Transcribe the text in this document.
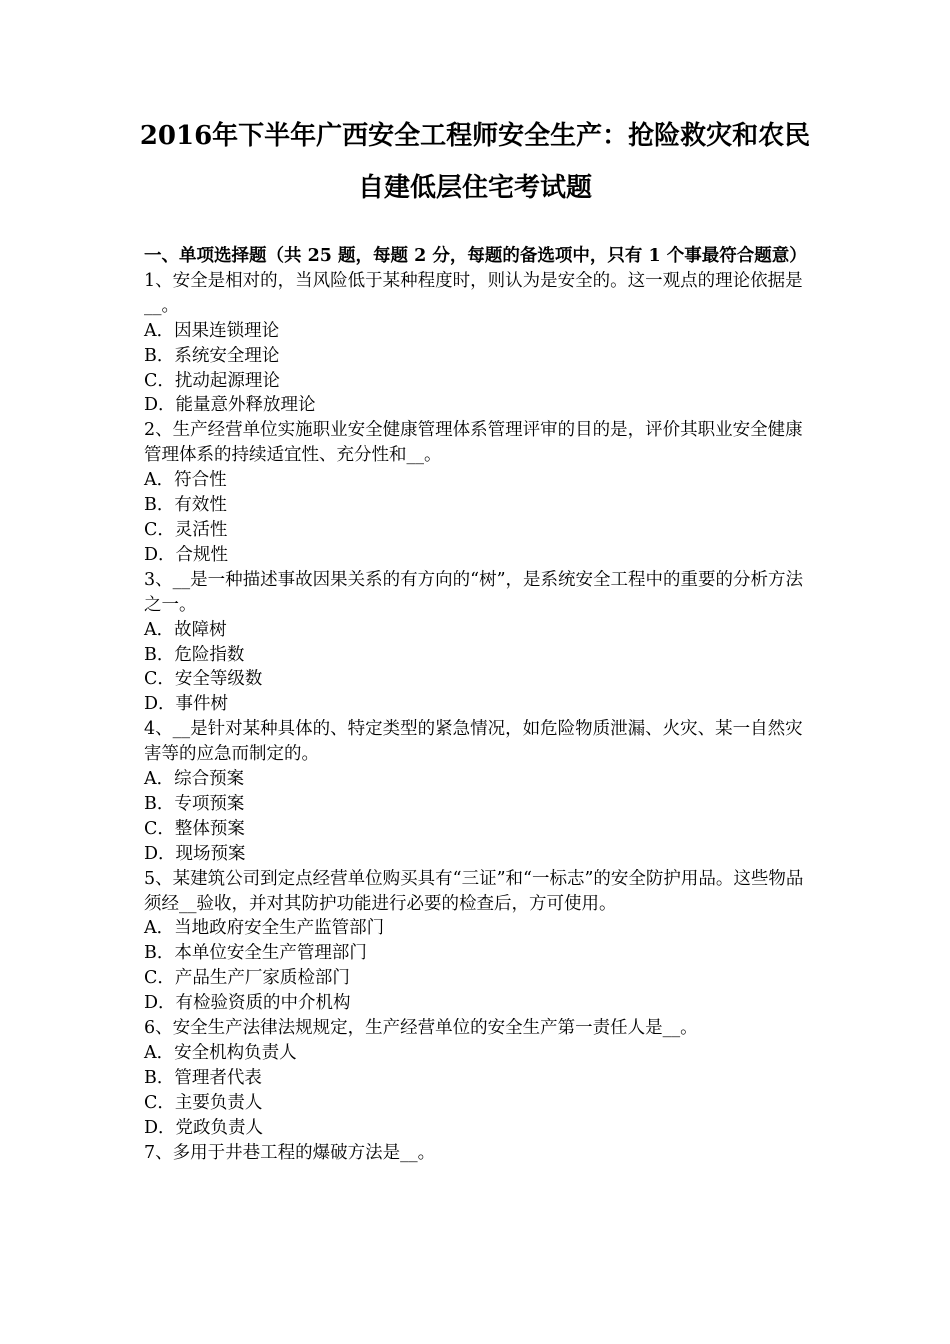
2016年下半年广西安全工程师安全生产：抢险救灾和农民
自建低层住宅考试题

一、单项选择题（共 25 题，每题 2 分，每题的备选项中，只有 1 个事最符合题意）

1、安全是相对的，当风险低于某种程度时，则认为是安全的。这一观点的理论依据是__。

A．因果连锁理论

B．系统安全理论

C．扰动起源理论

D．能量意外释放理论

2、生产经营单位实施职业安全健康管理体系管理评审的目的是，评价其职业安全健康管理体系的持续适宜性、充分性和__。

A．符合性

B．有效性

C．灵活性

D．合规性

3、__是一种描述事故因果关系的有方向的“树”，是系统安全工程中的重要的分析方法之一。

A．故障树

B．危险指数

C．安全等级数

D．事件树

4、__是针对某种具体的、特定类型的紧急情况，如危险物质泄漏、火灾、某一自然灾害等的应急而制定的。

A．综合预案

B．专项预案

C．整体预案

D．现场预案

5、某建筑公司到定点经营单位购买具有“三证”和“一标志”的安全防护用品。这些物品须经__验收，并对其防护功能进行必要的检查后，方可使用。

A．当地政府安全生产监管部门

B．本单位安全生产管理部门

C．产品生产厂家质检部门

D．有检验资质的中介机构

6、安全生产法律法规规定，生产经营单位的安全生产第一责任人是__。

A．安全机构负责人

B．管理者代表

C．主要负责人

D．党政负责人

7、多用于井巷工程的爆破方法是__。
